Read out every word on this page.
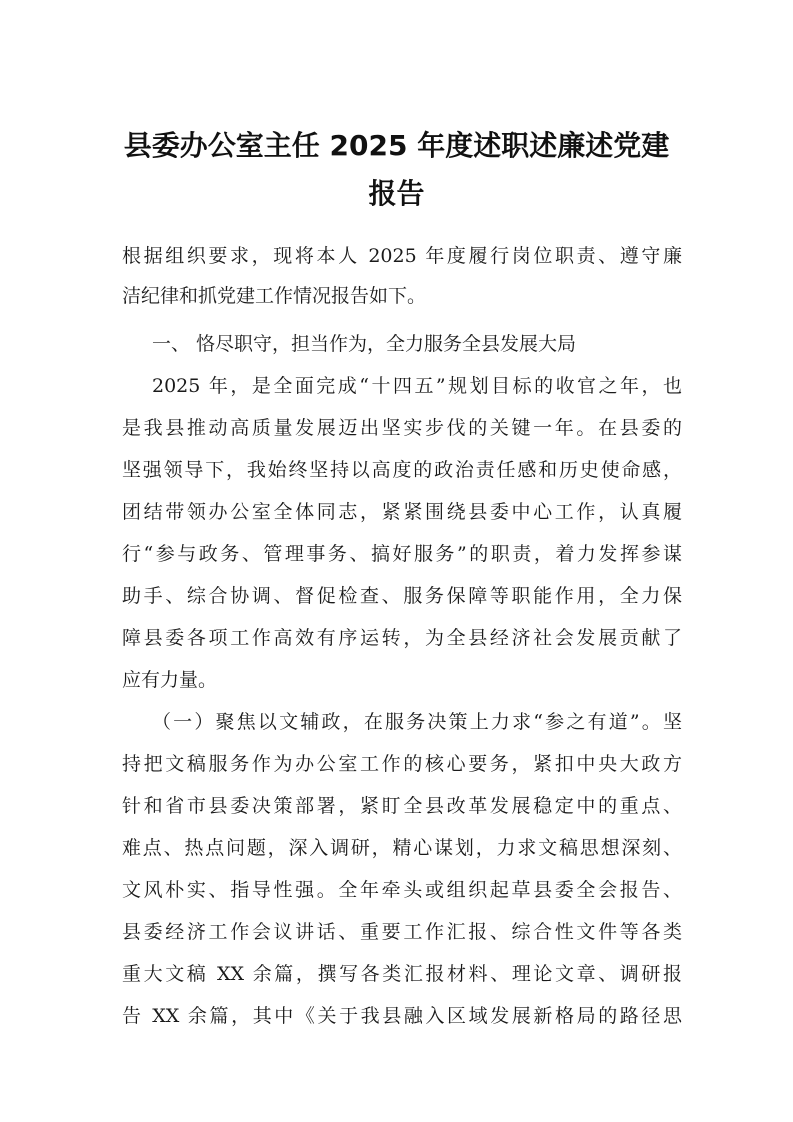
县委办公室主任 2025 年度述职述廉述党建
报告
根据组织要求，现将本人 2025 年度履行岗位职责、遵守廉
洁纪律和抓党建工作情况报告如下。
一、 恪尽职守，担当作为，全力服务全县发展大局
2025 年，是全面完成“十四五”规划目标的收官之年，也
是我县推动高质量发展迈出坚实步伐的关键一年。在县委的
坚强领导下，我始终坚持以高度的政治责任感和历史使命感，
团结带领办公室全体同志，紧紧围绕县委中心工作，认真履
行“参与政务、管理事务、搞好服务”的职责，着力发挥参谋
助手、综合协调、督促检查、服务保障等职能作用，全力保
障县委各项工作高效有序运转，为全县经济社会发展贡献了
应有力量。
（一）聚焦以文辅政，在服务决策上力求“参之有道”。坚
持把文稿服务作为办公室工作的核心要务，紧扣中央大政方
针和省市县委决策部署，紧盯全县改革发展稳定中的重点、
难点、热点问题，深入调研，精心谋划，力求文稿思想深刻、
文风朴实、指导性强。全年牵头或组织起草县委全会报告、
县委经济工作会议讲话、重要工作汇报、综合性文件等各类
重大文稿 XX 余篇，撰写各类汇报材料、理论文章、调研报
告 XX 余篇，其中《关于我县融入区域发展新格局的路径思
